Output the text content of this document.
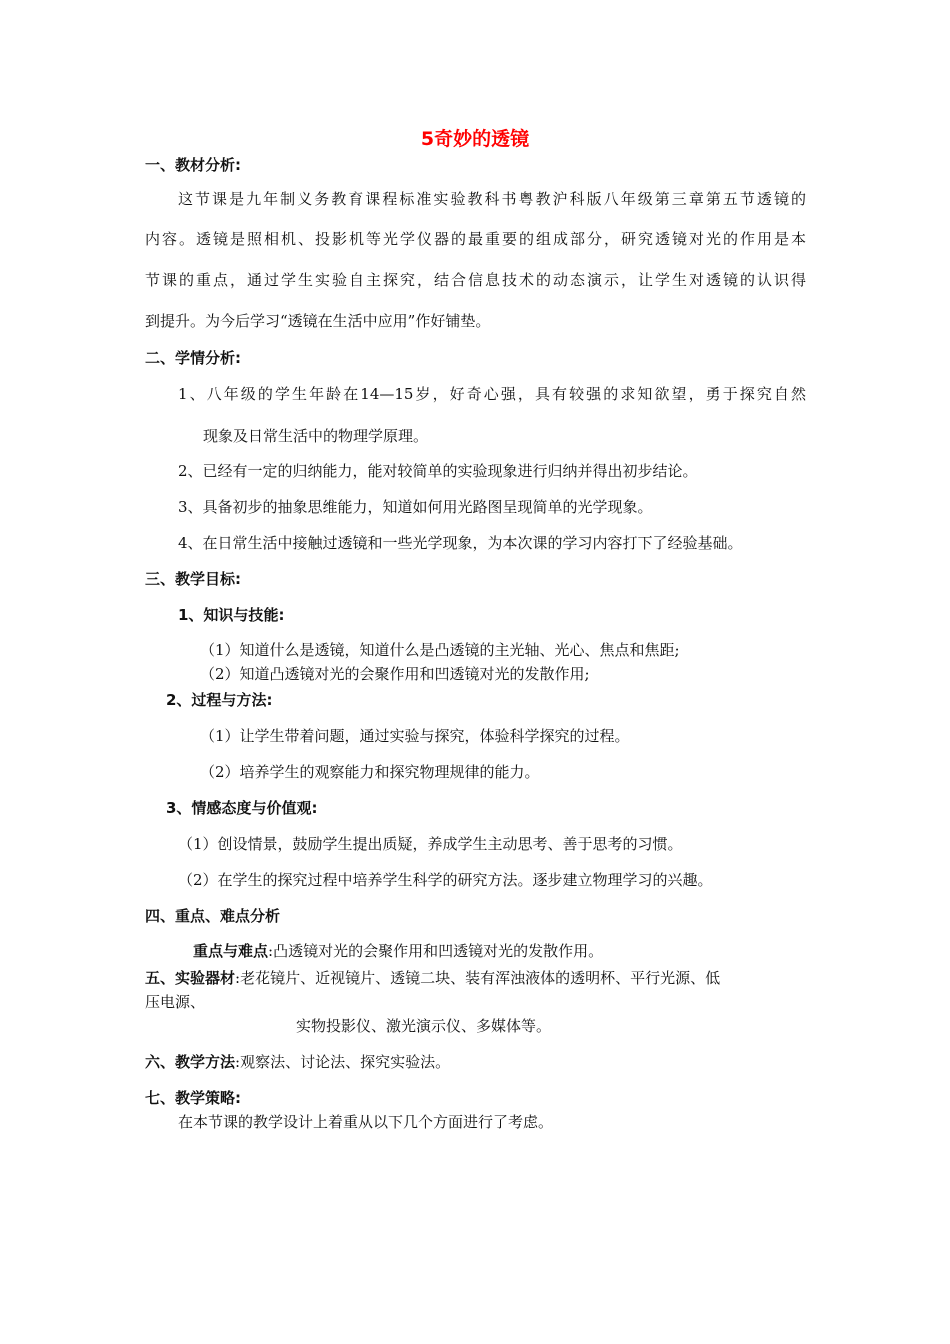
5奇妙的透镜
一、教材分析:
这节课是九年制义务教育课程标准实验教科书粤教沪科版八年级第三章第五节透镜的
内容。透镜是照相机、投影机等光学仪器的最重要的组成部分，研究透镜对光的作用是本
节课的重点，通过学生实验自主探究，结合信息技术的动态演示，让学生对透镜的认识得
到提升。为今后学习“透镜在生活中应用”作好铺垫。
二、学情分析:
1、八年级的学生年龄在14—15岁，好奇心强，具有较强的求知欲望，勇于探究自然
现象及日常生活中的物理学原理。
2、已经有一定的归纳能力，能对较简单的实验现象进行归纳并得出初步结论。
3、具备初步的抽象思维能力，知道如何用光路图呈现简单的光学现象。
4、在日常生活中接触过透镜和一些光学现象，为本次课的学习内容打下了经验基础。
三、教学目标:
1、知识与技能:
（1）知道什么是透镜，知道什么是凸透镜的主光轴、光心、焦点和焦距;
（2）知道凸透镜对光的会聚作用和凹透镜对光的发散作用;
2、过程与方法:
（1）让学生带着问题，通过实验与探究，体验科学探究的过程。
（2）培养学生的观察能力和探究物理规律的能力。
3、情感态度与价值观:
（1）创设情景，鼓励学生提出质疑，养成学生主动思考、善于思考的习惯。
（2）在学生的探究过程中培养学生科学的研究方法。逐步建立物理学习的兴趣。
四、重点、难点分析
重点与难点:凸透镜对光的会聚作用和凹透镜对光的发散作用。
五、实验器材:老花镜片、近视镜片、透镜二块、装有浑浊液体的透明杯、平行光源、低
压电源、
实物投影仪、激光演示仪、多媒体等。
六、教学方法:观察法、讨论法、探究实验法。
七、教学策略:
在本节课的教学设计上着重从以下几个方面进行了考虑。
